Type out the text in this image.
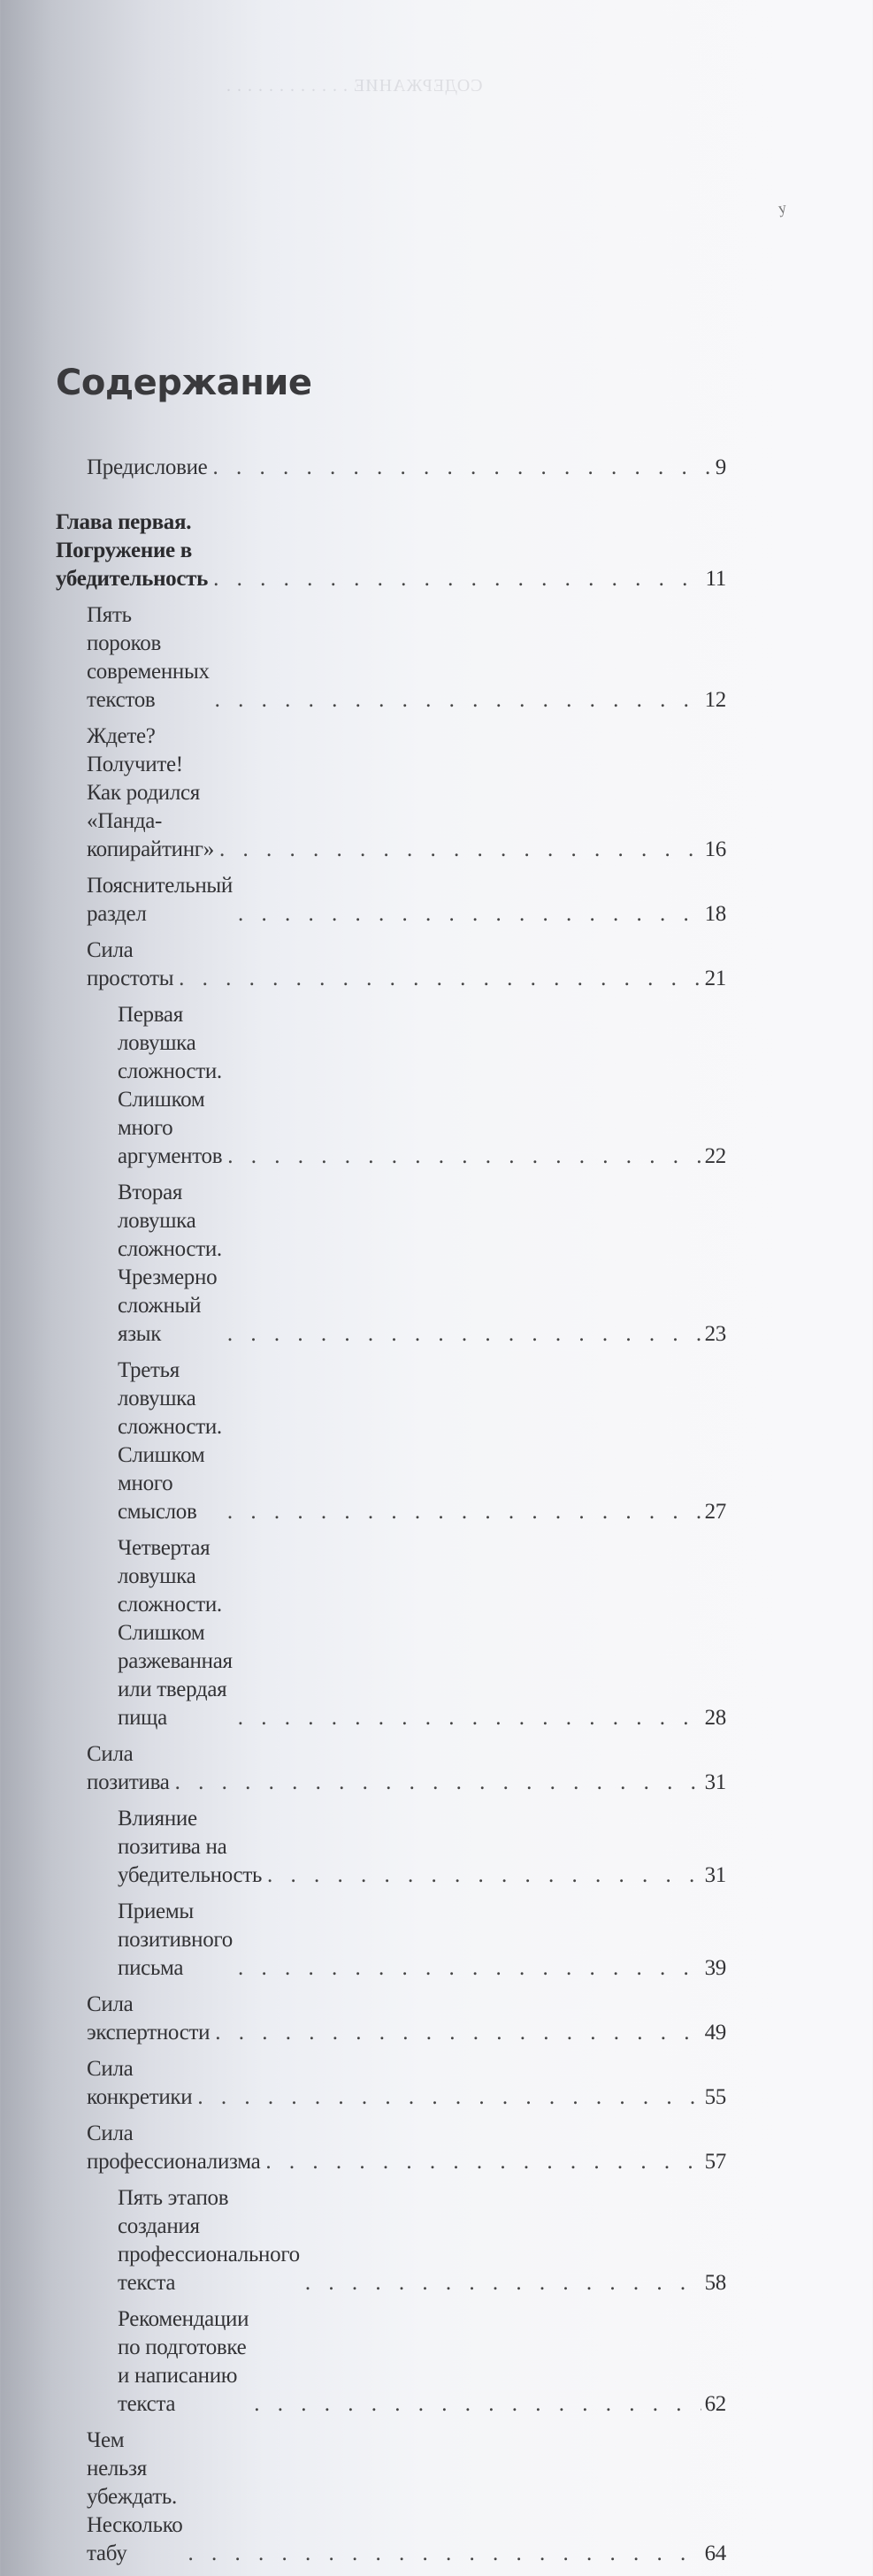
СОДЕРЖАНИЕ . . . . . . . . . . . .
у
Содержание
Предисловие . . .	9
Глава первая. Погружение в убедительность . . .	11
Пять пороков современных текстов . . .	12
Ждете? Получите! Как родился «Панда-копирайтинг» . . .	16
Пояснительный раздел . . .	18
Сила простоты . . .	21
Первая ловушка сложности. Слишком много
аргументов . . .	22
Вторая ловушка сложности. Чрезмерно сложный
язык . . .	23
Третья ловушка сложности. Слишком много
смыслов . . .	27
Четвертая ловушка сложности. Слишком
разжеванная или твердая пища . . .	28
Сила позитива . . .	31
Влияние позитива на убедительность . . .	31
Приемы позитивного письма . . .	39
Сила экспертности . . .	49
Сила конкретики . . .	55
Сила профессионализма . . .	57
Пять этапов создания профессионального текста . . .	58
Рекомендации по подготовке и написанию текста . . .	62
Чем нельзя убеждать. Несколько табу . . .	64
